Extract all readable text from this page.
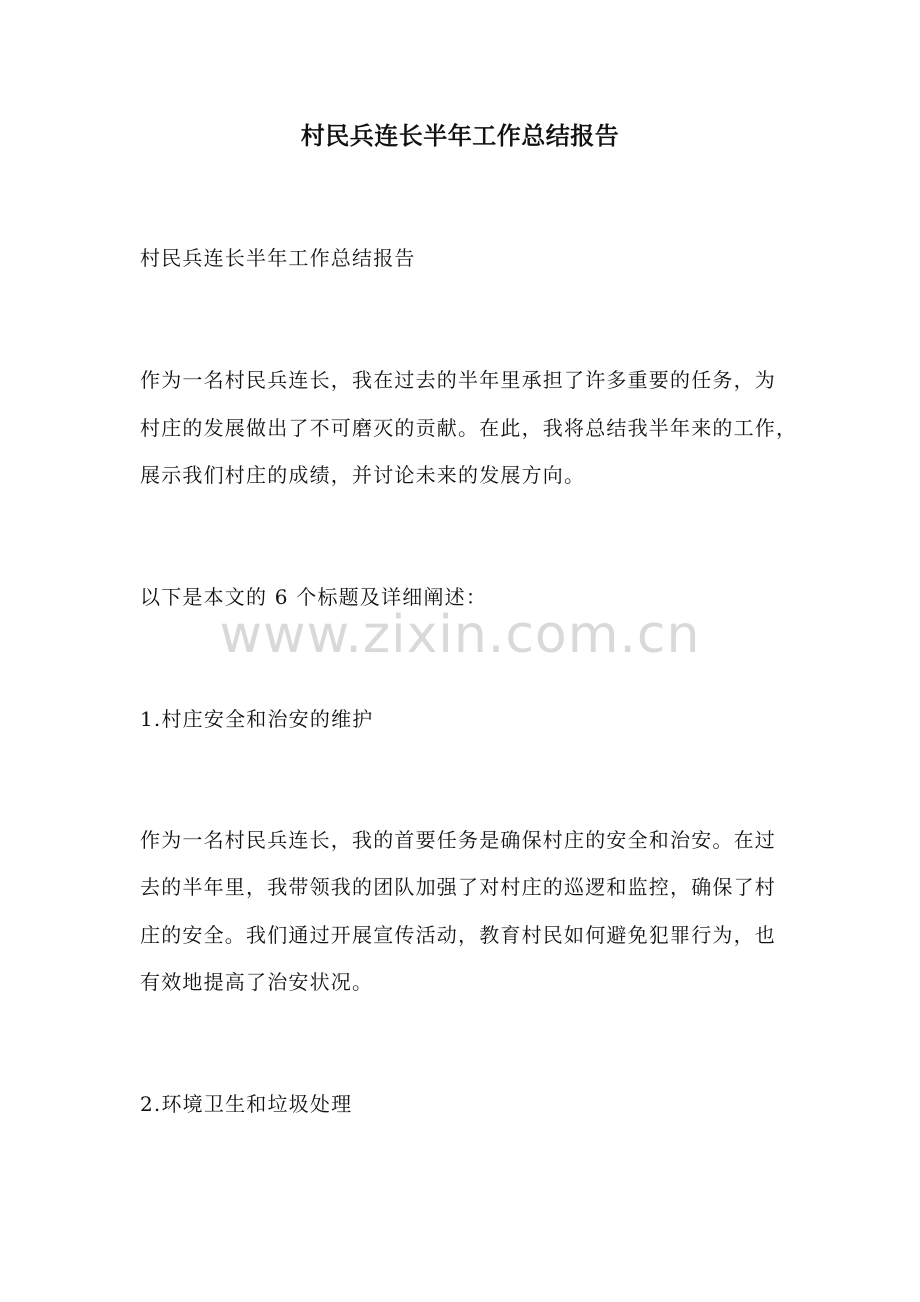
村民兵连长半年工作总结报告
村民兵连长半年工作总结报告
作为一名村民兵连长，我在过去的半年里承担了许多重要的任务，为
村庄的发展做出了不可磨灭的贡献。在此，我将总结我半年来的工作，
展示我们村庄的成绩，并讨论未来的发展方向。
以下是本文的 6 个标题及详细阐述：
www.zixin.com.cn
1.村庄安全和治安的维护
作为一名村民兵连长，我的首要任务是确保村庄的安全和治安。在过
去的半年里，我带领我的团队加强了对村庄的巡逻和监控，确保了村
庄的安全。我们通过开展宣传活动，教育村民如何避免犯罪行为，也
有效地提高了治安状况。
2.环境卫生和垃圾处理
